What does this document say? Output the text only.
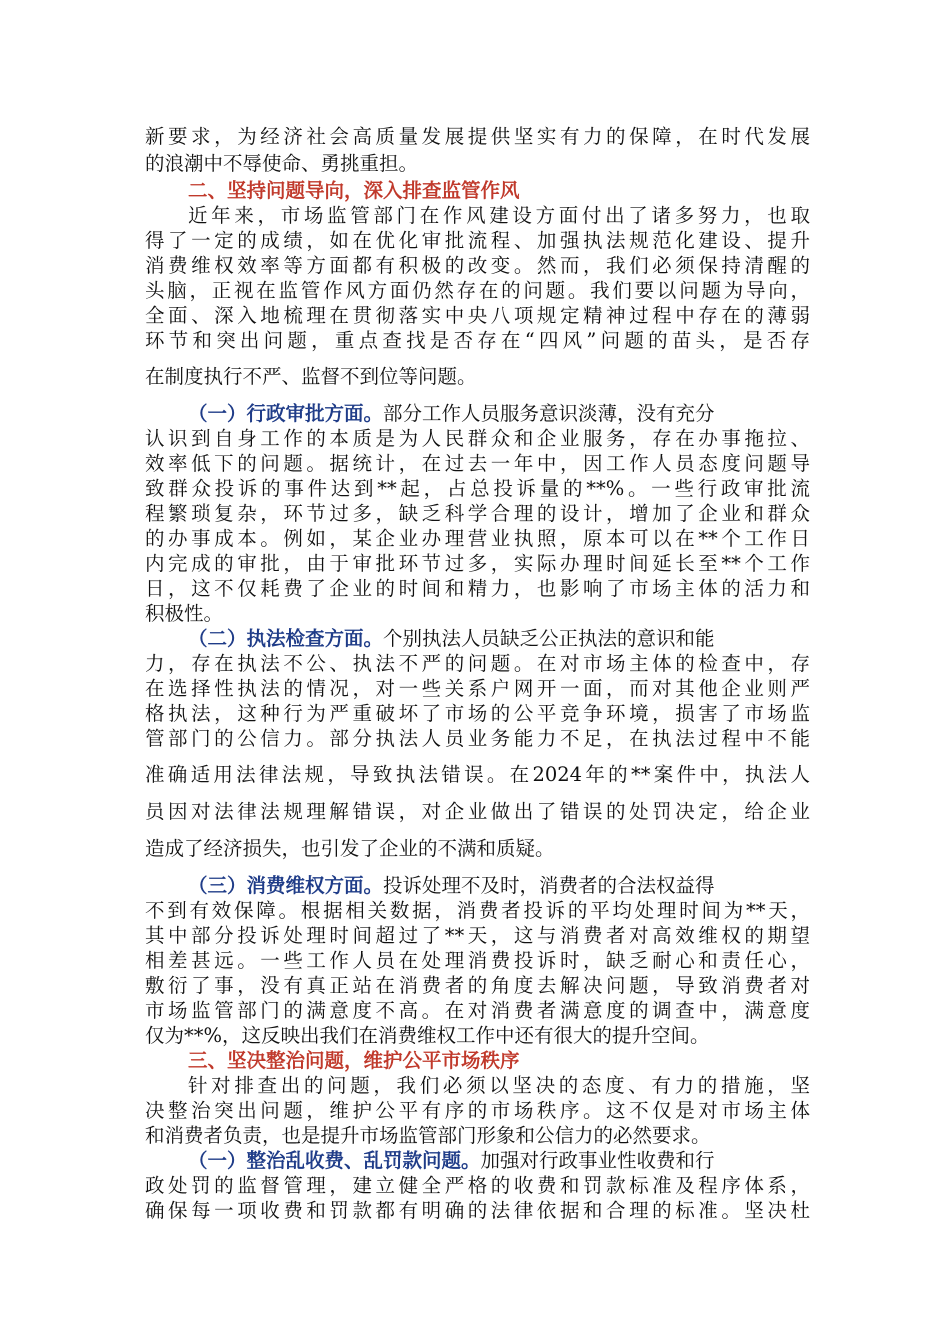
新要求，为经济社会高质量发展提供坚实有力的保障，在时代发展
的浪潮中不辱使命、勇挑重担。
二、坚持问题导向，深入排查监管作风
近年来，市场监管部门在作风建设方面付出了诸多努力，也取
得了一定的成绩，如在优化审批流程、加强执法规范化建设、提升
消费维权效率等方面都有积极的改变。然而，我们必须保持清醒的
头脑，正视在监管作风方面仍然存在的问题。我们要以问题为导向，
全面、深入地梳理在贯彻落实中央八项规定精神过程中存在的薄弱
环节和突出问题，重点查找是否存在“四风”问题的苗头，是否存
在制度执行不严、监督不到位等问题。
（一）行政审批方面。部分工作人员服务意识淡薄，没有充分
认识到自身工作的本质是为人民群众和企业服务，存在办事拖拉、
效率低下的问题。据统计，在过去一年中，因工作人员态度问题导
致群众投诉的事件达到**起，占总投诉量的**%。一些行政审批流
程繁琐复杂，环节过多，缺乏科学合理的设计，增加了企业和群众
的办事成本。例如，某企业办理营业执照，原本可以在**个工作日
内完成的审批，由于审批环节过多，实际办理时间延长至**个工作
日，这不仅耗费了企业的时间和精力，也影响了市场主体的活力和
积极性。
（二）执法检查方面。个别执法人员缺乏公正执法的意识和能
力，存在执法不公、执法不严的问题。在对市场主体的检查中，存
在选择性执法的情况，对一些关系户网开一面，而对其他企业则严
格执法，这种行为严重破坏了市场的公平竞争环境，损害了市场监
管部门的公信力。部分执法人员业务能力不足，在执法过程中不能
准确适用法律法规，导致执法错误。在2024年的**案件中，执法人
员因对法律法规理解错误，对企业做出了错误的处罚决定，给企业
造成了经济损失，也引发了企业的不满和质疑。
（三）消费维权方面。投诉处理不及时，消费者的合法权益得
不到有效保障。根据相关数据，消费者投诉的平均处理时间为**天，
其中部分投诉处理时间超过了**天，这与消费者对高效维权的期望
相差甚远。一些工作人员在处理消费投诉时，缺乏耐心和责任心，
敷衍了事，没有真正站在消费者的角度去解决问题，导致消费者对
市场监管部门的满意度不高。在对消费者满意度的调查中，满意度
仅为**%，这反映出我们在消费维权工作中还有很大的提升空间。
三、坚决整治问题，维护公平市场秩序
针对排查出的问题，我们必须以坚决的态度、有力的措施，坚
决整治突出问题，维护公平有序的市场秩序。这不仅是对市场主体
和消费者负责，也是提升市场监管部门形象和公信力的必然要求。
（一）整治乱收费、乱罚款问题。加强对行政事业性收费和行
政处罚的监督管理，建立健全严格的收费和罚款标准及程序体系，
确保每一项收费和罚款都有明确的法律依据和合理的标准。坚决杜
